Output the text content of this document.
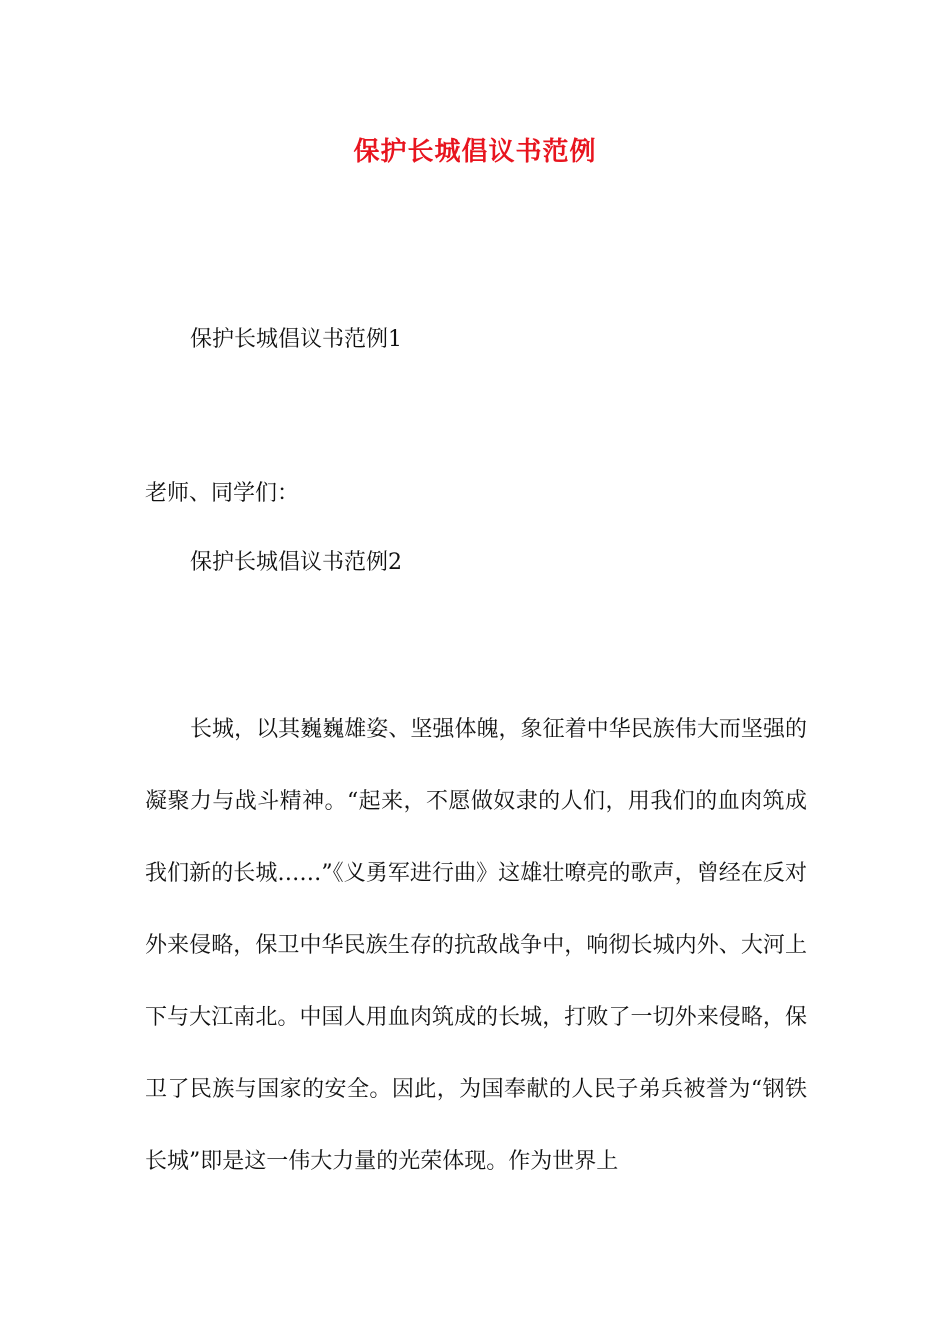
保护长城倡议书范例
保护长城倡议书范例1
老师、同学们：
保护长城倡议书范例2

长城，以其巍巍雄姿、坚强体魄，象征着中华民族伟大而坚强的凝聚力与战斗精神。“起来，不愿做奴隶的人们，用我们的血肉筑成我们新的长城……”《义勇军进行曲》这雄壮嘹亮的歌声，曾经在反对外来侵略，保卫中华民族生存的抗敌战争中，响彻长城内外、大河上下与大江南北。中国人用血肉筑成的长城，打败了一切外来侵略，保卫了民族与国家的安全。因此，为国奉献的人民子弟兵被誉为“钢铁长城”即是这一伟大力量的光荣体现。作为世界上
